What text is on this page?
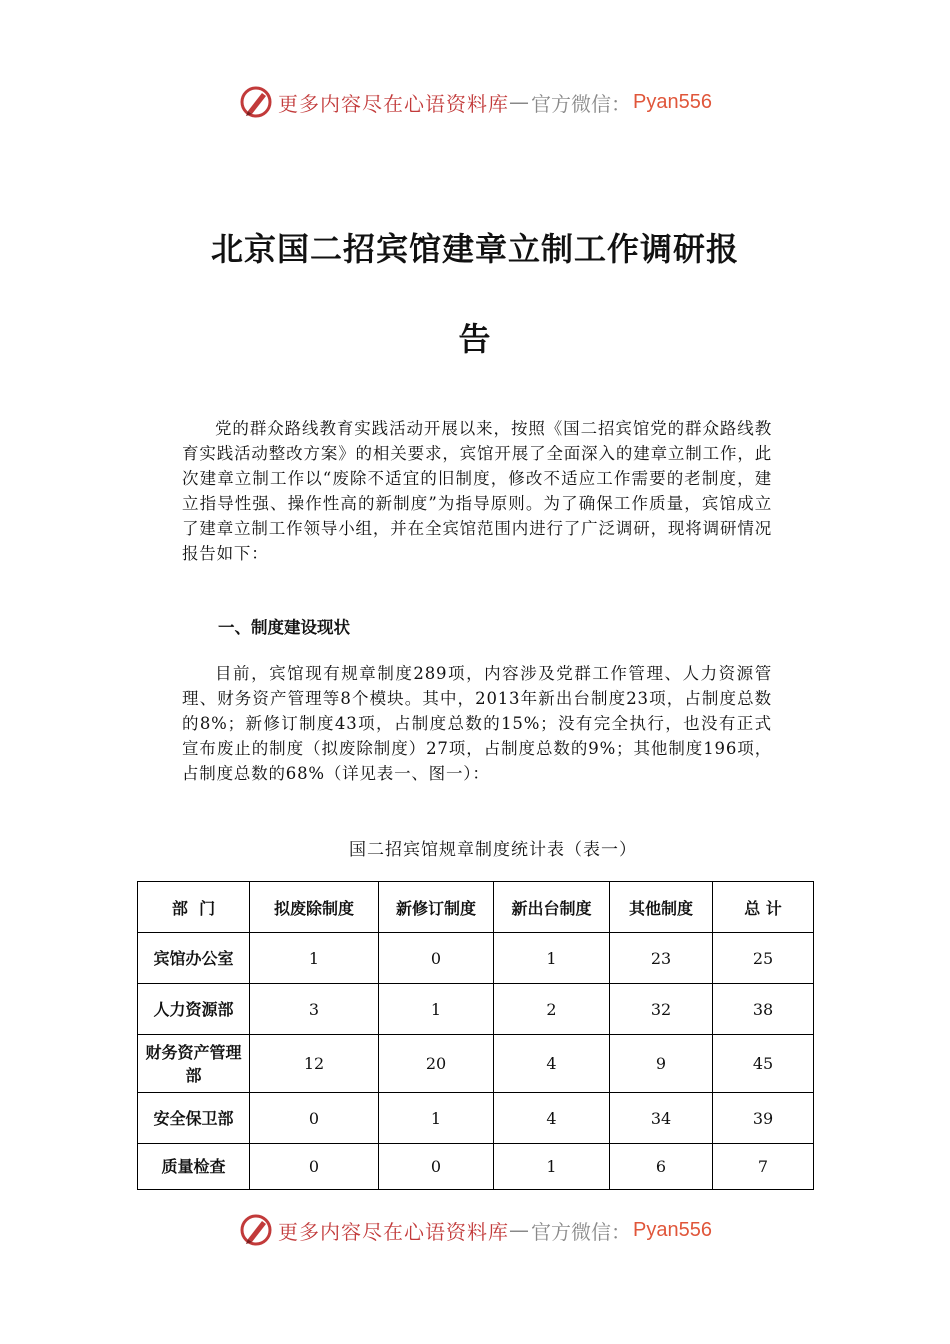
更多内容尽在心语资料库 — 官方微信： Pyan556
北京国二招宾馆建章立制工作调研报
告

党的群众路线教育实践活动开展以来，按照《国二招宾馆党的群众路线教育实践活动整改方案》的相关要求，宾馆开展了全面深入的建章立制工作，此次建章立制工作以“废除不适宜的旧制度，修改不适应工作需要的老制度，建立指导性强、操作性高的新制度”为指导原则。为了确保工作质量，宾馆成立了建章立制工作领导小组，并在全宾馆范围内进行了广泛调研，现将调研情况报告如下：

一、制度建设现状

目前，宾馆现有规章制度289项，内容涉及党群工作管理、人力资源管理、财务资产管理等8个模块。其中，2013年新出台制度23项，占制度总数的8%；新修订制度43项，占制度总数的15%；没有完全执行，也没有正式宣布废止的制度（拟废除制度）27项，占制度总数的9%；其他制度196项，占制度总数的68%（详见表一、图一）：

国二招宾馆规章制度统计表（表一）
部  门	拟废除制度	新修订制度	新出台制度	其他制度	总 计
宾馆办公室	1	0	1	23	25
人力资源部	3	1	2	32	38
财务资产管理部	12	20	4	9	45
安全保卫部	0	1	4	34	39
质量检查	0	0	1	6	7
更多内容尽在心语资料库 — 官方微信： Pyan556
